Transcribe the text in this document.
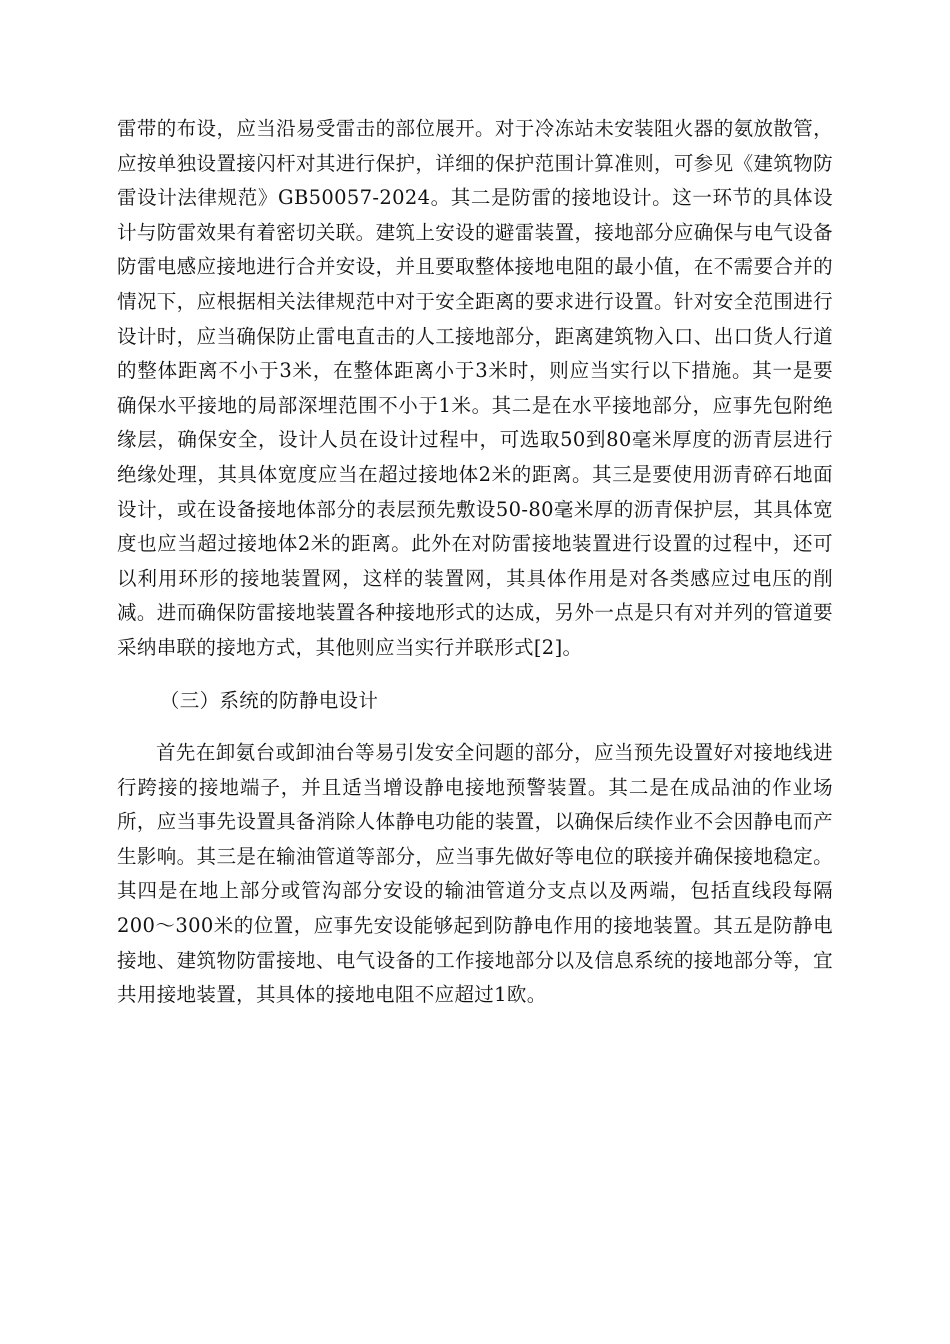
雷带的布设，应当沿易受雷击的部位展开。对于冷冻站未安装阻火器的氨放散管，应按单独设置接闪杆对其进行保护，详细的保护范围计算准则，可参见《建筑物防雷设计法律规范》GB50057-2024。其二是防雷的接地设计。这一环节的具体设计与防雷效果有着密切关联。建筑上安设的避雷装置，接地部分应确保与电气设备防雷电感应接地进行合并安设，并且要取整体接地电阻的最小值，在不需要合并的情况下，应根据相关法律规范中对于安全距离的要求进行设置。针对安全范围进行设计时，应当确保防止雷电直击的人工接地部分，距离建筑物入口、出口货人行道的整体距离不小于3米，在整体距离小于3米时，则应当实行以下措施。其一是要确保水平接地的局部深埋范围不小于1米。其二是在水平接地部分，应事先包附绝缘层，确保安全，设计人员在设计过程中，可选取50到80毫米厚度的沥青层进行绝缘处理，其具体宽度应当在超过接地体2米的距离。其三是要使用沥青碎石地面设计，或在设备接地体部分的表层预先敷设50-80毫米厚的沥青保护层，其具体宽度也应当超过接地体2米的距离。此外在对防雷接地装置进行设置的过程中，还可以利用环形的接地装置网，这样的装置网，其具体作用是对各类感应过电压的削减。进而确保防雷接地装置各种接地形式的达成，另外一点是只有对并列的管道要采纳串联的接地方式，其他则应当实行并联形式[2]。

（三）系统的防静电设计

首先在卸氨台或卸油台等易引发安全问题的部分，应当预先设置好对接地线进行跨接的接地端子，并且适当增设静电接地预警装置。其二是在成品油的作业场所，应当事先设置具备消除人体静电功能的装置，以确保后续作业不会因静电而产生影响。其三是在输油管道等部分，应当事先做好等电位的联接并确保接地稳定。其四是在地上部分或管沟部分安设的输油管道分支点以及两端，包括直线段每隔200～300米的位置，应事先安设能够起到防静电作用的接地装置。其五是防静电接地、建筑物防雷接地、电气设备的工作接地部分以及信息系统的接地部分等，宜共用接地装置，其具体的接地电阻不应超过1欧。
